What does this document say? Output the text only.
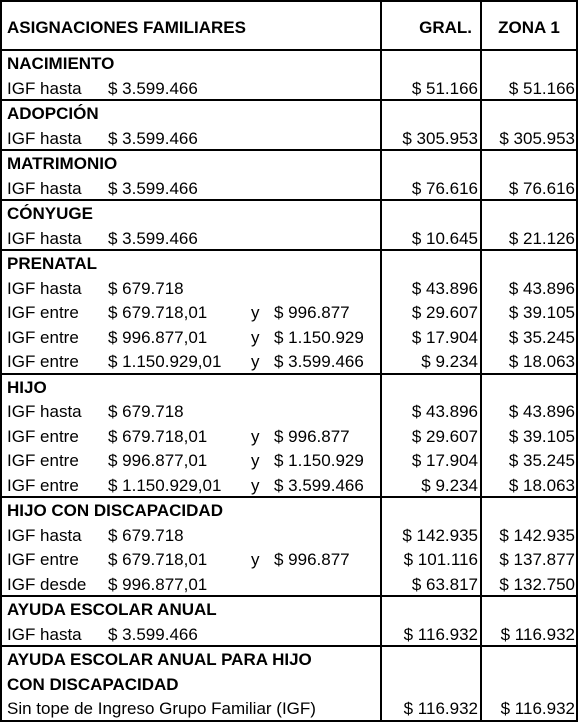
ASIGNACIONES FAMILIARES	GRAL.	ZONA 1
NACIMIENTO
IGF hasta $ 3.599.466	$ 51.166	$ 51.166
ADOPCIÓN
IGF hasta $ 3.599.466	$ 305.953	$ 305.953
MATRIMONIO
IGF hasta $ 3.599.466	$ 76.616	$ 76.616
CÓNYUGE
IGF hasta $ 3.599.466	$ 10.645	$ 21.126
PRENATAL
IGF hasta $ 679.718	$ 43.896	$ 43.896
IGF entre $ 679.718,01	y $ 996.877	$ 29.607	$ 39.105
IGF entre $ 996.877,01	y $ 1.150.929	$ 17.904	$ 35.245
IGF entre $ 1.150.929,01 y $ 3.599.466	$ 9.234	$ 18.063
HIJO
IGF hasta $ 679.718	$ 43.896	$ 43.896
IGF entre $ 679.718,01	y $ 996.877	$ 29.607	$ 39.105
IGF entre $ 996.877,01	y $ 1.150.929	$ 17.904	$ 35.245
IGF entre $ 1.150.929,01 y $ 3.599.466	$ 9.234	$ 18.063
HIJO CON DISCAPACIDAD
IGF hasta $ 679.718	$ 142.935	$ 142.935
IGF entre $ 679.718,01	y $ 996.877	$ 101.116	$ 137.877
IGF desde $ 996.877,01	$ 63.817	$ 132.750
AYUDA ESCOLAR ANUAL
IGF hasta $ 3.599.466	$ 116.932	$ 116.932
AYUDA ESCOLAR ANUAL PARA HIJO
CON DISCAPACIDAD
Sin tope de Ingreso Grupo Familiar (IGF)	$ 116.932	$ 116.932
